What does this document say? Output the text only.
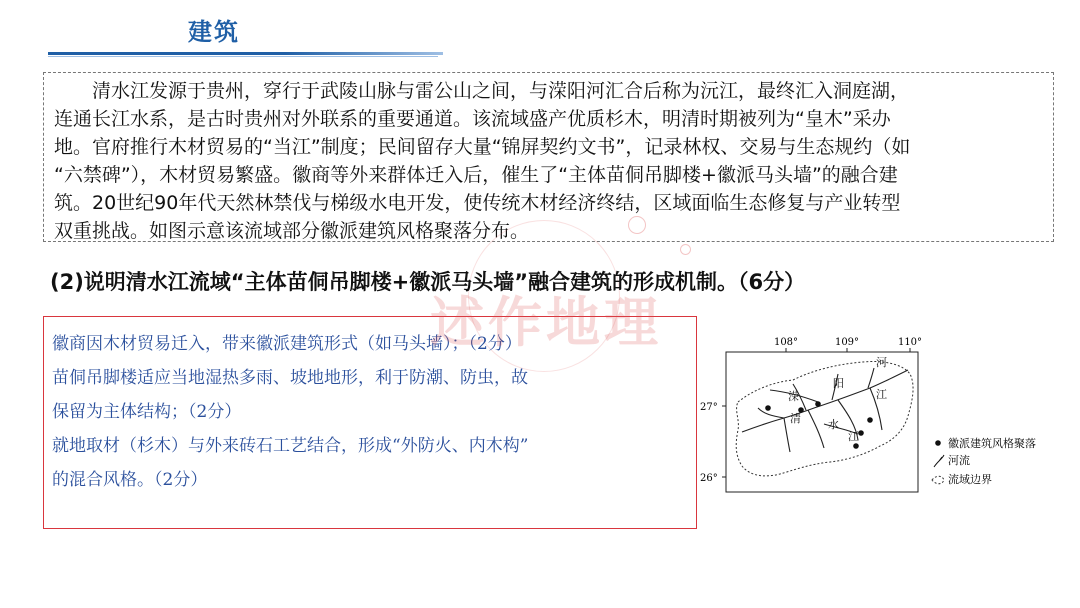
建筑

　　清水江发源于贵州，穿行于武陵山脉与雷公山之间，与溁阳河汇合后称为沅江，最终汇入洞庭湖，

连通长江水系，是古时贵州对外联系的重要通道。该流域盛产优质杉木，明清时期被列为“皇木”采办

地。官府推行木材贸易的“当江”制度；民间留存大量“锦屏契约文书”，记录林权、交易与生态规约（如

“六禁碑”），木材贸易繁盛。徽商等外来群体迁入后，催生了“主体苗侗吊脚楼+徽派马头墙”的融合建

筑。20世纪90年代天然林禁伐与梯级水电开发，使传统木材经济终结，区域面临生态修复与产业转型

双重挑战。如图示意该流域部分徽派建筑风格聚落分布。

(2)说明清水江流域“主体苗侗吊脚楼+徽派马头墙”融合建筑的形成机制。（6分）

徽商因木材贸易迁入，带来徽派建筑形式（如马头墙）；（2分）

苗侗吊脚楼适应当地湿热多雨、坡地地形，利于防潮、防虫，故

保留为主体结构；（2分）

就地取材（杉木）与外来砖石工艺结合，形成“外防火、内木构”

的混合风格。（2分）

述作地理	108°	109°	110°
27°
26°
溁
阳
河
江
清 水
江
徽派建筑风格聚落
河流
流域边界
